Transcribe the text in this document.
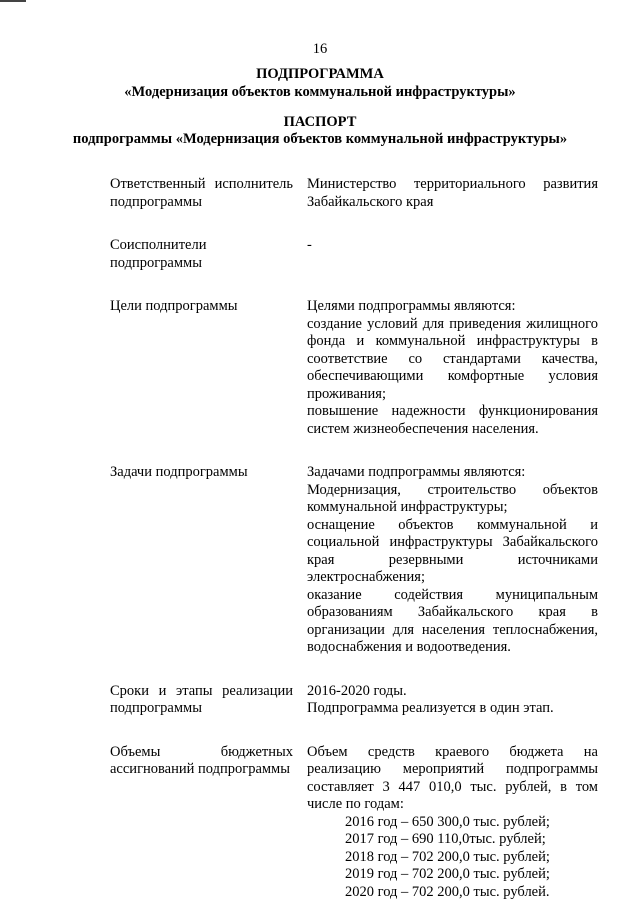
16
ПОДПРОГРАММА
«Модернизация объектов коммунальной инфраструктуры»
ПАСПОРТ
подпрограммы «Модернизация объектов коммунальной инфраструктуры»
Ответственный исполнитель подпрограммы

Министерство территориального развития Забайкальского края

Соисполнители подпрограммы

-

Цели подпрограммы	Целями подпрограммы являются:

создание условий для приведения жилищного фонда и коммунальной инфраструктуры в соответствие со стандартами качества, обеспечивающими комфортные условия проживания;

повышение надежности функционирования систем жизнеобеспечения населения.

Задачи подпрограммы	Задачами подпрограммы являются:

Модернизация, строительство объектов коммунальной инфраструктуры;

оснащение объектов коммунальной и социальной инфраструктуры Забайкальского края резервными источниками электроснабжения;

оказание содействия муниципальным образованиям Забайкальского края в организации для населения теплоснабжения, водоснабжения и водоотведения.

Сроки и этапы реализации подпрограммы

2016-2020 годы.

Подпрограмма реализуется в один этап.

Объемы бюджетных ассигнований подпрограммы

Объем средств краевого бюджета на реализацию мероприятий подпрограммы составляет 3 447 010,0 тыс. рублей, в том числе по годам:

2016 год – 650 300,0 тыс. рублей;
2017 год – 690 110,0тыс. рублей;
2018 год – 702 200,0 тыс. рублей;
2019 год – 702 200,0 тыс. рублей;
2020 год – 702 200,0 тыс. рублей.
